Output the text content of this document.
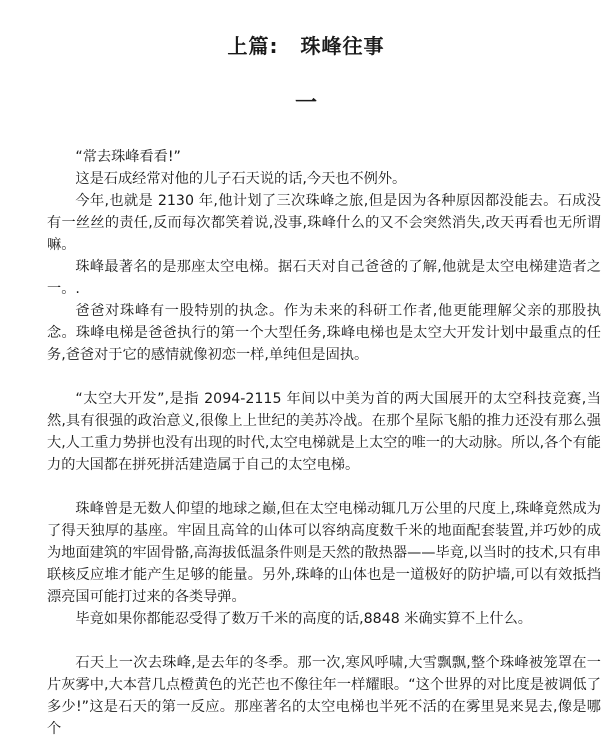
上篇: 珠峰往事
一

“常去珠峰看看!”

这是石成经常对他的儿子石天说的话,今天也不例外。

今年,也就是 2130 年,他计划了三次珠峰之旅,但是因为各种原因都没能去。石成没有一丝丝的责任,反而每次都笑着说,没事,珠峰什么的又不会突然消失,改天再看也无所谓嘛。

珠峰最著名的是那座太空电梯。据石天对自己爸爸的了解,他就是太空电梯建造者之一。.

爸爸对珠峰有一股特别的执念。作为未来的科研工作者,他更能理解父亲的那股执念。珠峰电梯是爸爸执行的第一个大型任务,珠峰电梯也是太空大开发计划中最重点的任务,爸爸对于它的感情就像初恋一样,单纯但是固执。

“太空大开发”,是指 2094-2115 年间以中美为首的两大国展开的太空科技竞赛,当然,具有很强的政治意义,很像上上世纪的美苏冷战。在那个星际飞船的推力还没有那么强大,人工重力势拼也没有出现的时代,太空电梯就是上太空的唯一的大动脉。所以,各个有能力的大国都在拼死拼活建造属于自己的太空电梯。

珠峰曾是无数人仰望的地球之巅,但在太空电梯动辄几万公里的尺度上,珠峰竟然成为了得天独厚的基座。牢固且高耸的山体可以容纳高度数千米的地面配套装置,并巧妙的成为地面建筑的牢固骨骼,高海拔低温条件则是天然的散热器——毕竟,以当时的技术,只有串联核反应堆才能产生足够的能量。另外,珠峰的山体也是一道极好的防护墙,可以有效抵挡漂亮国可能打过来的各类导弹。

毕竟如果你都能忍受得了数万千米的高度的话,8848 米确实算不上什么。

石天上一次去珠峰,是去年的冬季。那一次,寒风呼啸,大雪飘飘,整个珠峰被笼罩在一片灰雾中,大本营几点橙黄色的光芒也不像往年一样耀眼。“这个世界的对比度是被调低了多少!”这是石天的第一反应。那座著名的太空电梯也半死不活的在雾里晃来晃去,像是哪个
